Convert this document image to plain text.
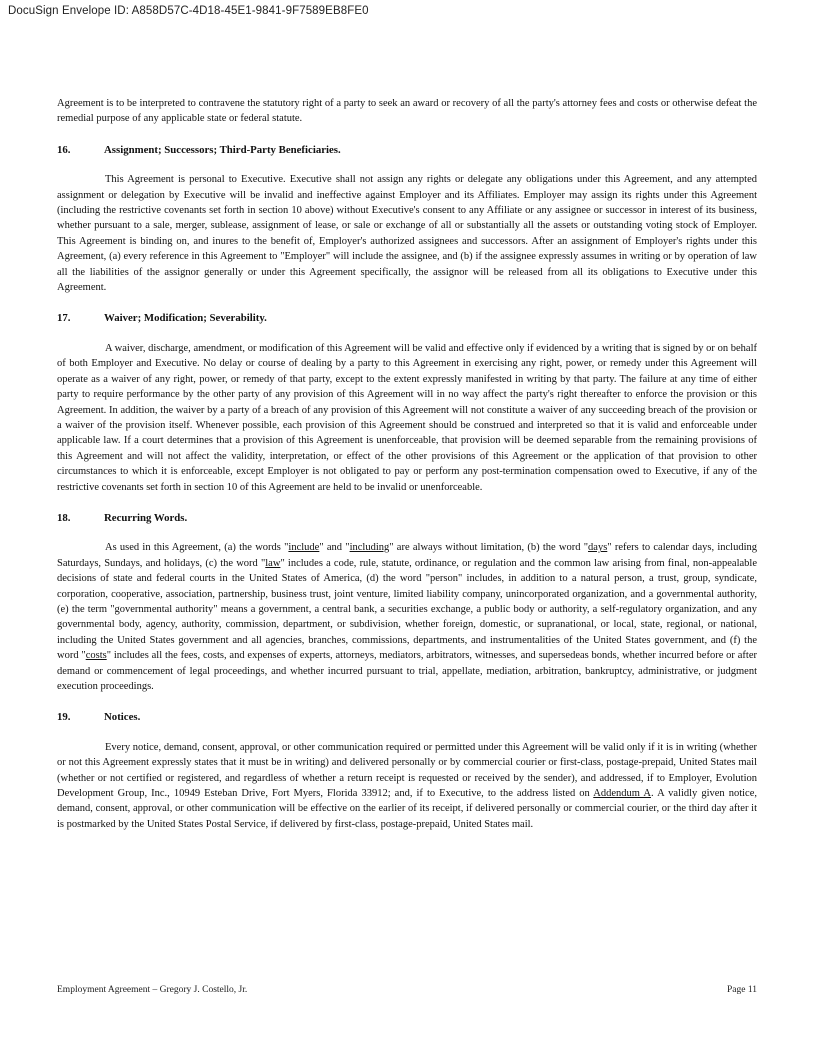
DocuSign Envelope ID: A858D57C-4D18-45E1-9841-9F7589EB8FE0

Agreement is to be interpreted to contravene the statutory right of a party to seek an award or recovery of all the party's attorney fees and costs or otherwise defeat the remedial purpose of any applicable state or federal statute.

16.	Assignment; Successors; Third-Party Beneficiaries.

This Agreement is personal to Executive. Executive shall not assign any rights or delegate any obligations under this Agreement, and any attempted assignment or delegation by Executive will be invalid and ineffective against Employer and its Affiliates. Employer may assign its rights under this Agreement (including the restrictive covenants set forth in section 10 above) without Executive's consent to any Affiliate or any assignee or successor in interest of its business, whether pursuant to a sale, merger, sublease, assignment of lease, or sale or exchange of all or substantially all the assets or outstanding voting stock of Employer. This Agreement is binding on, and inures to the benefit of, Employer's authorized assignees and successors. After an assignment of Employer's rights under this Agreement, (a) every reference in this Agreement to "Employer" will include the assignee, and (b) if the assignee expressly assumes in writing or by operation of law all the liabilities of the assignor generally or under this Agreement specifically, the assignor will be released from all its obligations to Executive under this Agreement.

17.	Waiver; Modification; Severability.

A waiver, discharge, amendment, or modification of this Agreement will be valid and effective only if evidenced by a writing that is signed by or on behalf of both Employer and Executive. No delay or course of dealing by a party to this Agreement in exercising any right, power, or remedy under this Agreement will operate as a waiver of any right, power, or remedy of that party, except to the extent expressly manifested in writing by that party. The failure at any time of either party to require performance by the other party of any provision of this Agreement will in no way affect the party's right thereafter to enforce the provision or this Agreement. In addition, the waiver by a party of a breach of any provision of this Agreement will not constitute a waiver of any succeeding breach of the provision or a waiver of the provision itself. Whenever possible, each provision of this Agreement should be construed and interpreted so that it is valid and enforceable under applicable law. If a court determines that a provision of this Agreement is unenforceable, that provision will be deemed separable from the remaining provisions of this Agreement and will not affect the validity, interpretation, or effect of the other provisions of this Agreement or the application of that provision to other circumstances to which it is enforceable, except Employer is not obligated to pay or perform any post-termination compensation owed to Executive, if any of the restrictive covenants set forth in section 10 of this Agreement are held to be invalid or unenforceable.

18.	Recurring Words.

As used in this Agreement, (a) the words "include" and "including" are always without limitation, (b) the word "days" refers to calendar days, including Saturdays, Sundays, and holidays, (c) the word "law" includes a code, rule, statute, ordinance, or regulation and the common law arising from final, non-appealable decisions of state and federal courts in the United States of America, (d) the word "person" includes, in addition to a natural person, a trust, group, syndicate, corporation, cooperative, association, partnership, business trust, joint venture, limited liability company, unincorporated organization, and a governmental authority, (e) the term "governmental authority" means a government, a central bank, a securities exchange, a public body or authority, a self-regulatory organization, and any governmental body, agency, authority, commission, department, or subdivision, whether foreign, domestic, or supranational, or local, state, regional, or national, including the United States government and all agencies, branches, commissions, departments, and instrumentalities of the United States government, and (f) the word "costs" includes all the fees, costs, and expenses of experts, attorneys, mediators, arbitrators, witnesses, and supersedeas bonds, whether incurred before or after demand or commencement of legal proceedings, and whether incurred pursuant to trial, appellate, mediation, arbitration, bankruptcy, administrative, or judgment execution proceedings.

19.	Notices.

Every notice, demand, consent, approval, or other communication required or permitted under this Agreement will be valid only if it is in writing (whether or not this Agreement expressly states that it must be in writing) and delivered personally or by commercial courier or first-class, postage-prepaid, United States mail (whether or not certified or registered, and regardless of whether a return receipt is requested or received by the sender), and addressed, if to Employer, Evolution Development Group, Inc., 10949 Esteban Drive, Fort Myers, Florida 33912; and, if to Executive, to the address listed on Addendum A. A validly given notice, demand, consent, approval, or other communication will be effective on the earlier of its receipt, if delivered personally or commercial courier, or the third day after it is postmarked by the United States Postal Service, if delivered by first-class, postage-prepaid, United States mail.

Employment Agreement – Gregory J. Costello, Jr.	Page 11
